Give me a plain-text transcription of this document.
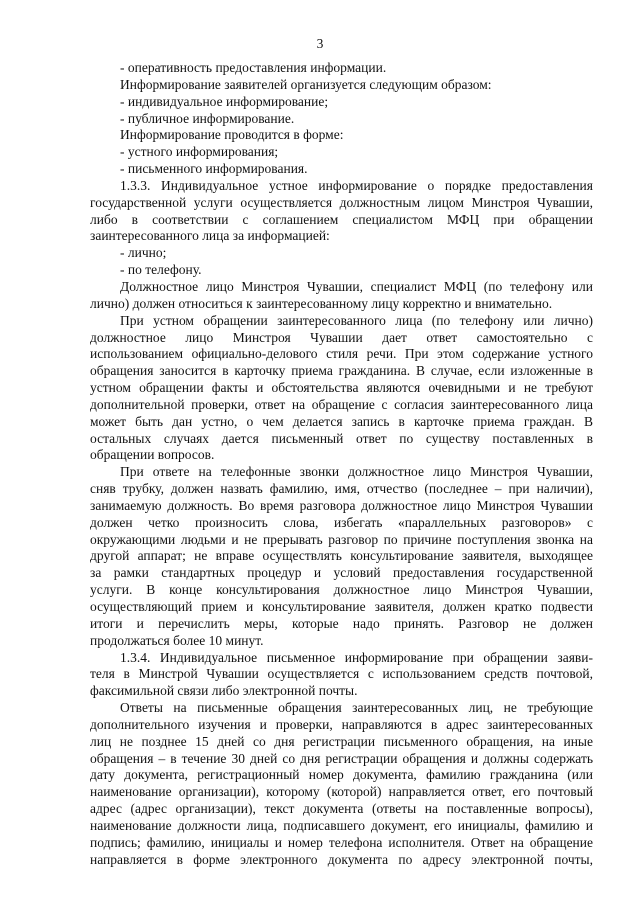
3
- оперативность предоставления информации.
Информирование заявителей организуется следующим образом:
- индивидуальное информирование;
- публичное информирование.
Информирование проводится в форме:
- устного информирования;
- письменного информирования.
1.3.3. Индивидуальное устное информирование о порядке предоставления
государственной услуги осуществляется должностным лицом Минстроя Чувашии,
либо в соответствии с соглашением специалистом МФЦ при обращении
заинтересованного лица за информацией:
- лично;
- по телефону.
Должностное лицо Минстроя Чувашии, специалист МФЦ (по телефону или
лично) должен относиться к заинтересованному лицу корректно и внимательно.
При устном обращении заинтересованного лица (по телефону или лично)
должностное лицо Минстроя Чувашии дает ответ самостоятельно с
использованием официально-делового стиля речи. При этом содержание устного
обращения заносится в карточку приема гражданина. В случае, если изложенные в
устном обращении факты и обстоятельства являются очевидными и не требуют
дополнительной проверки, ответ на обращение с согласия заинтересованного лица
может быть дан устно, о чем делается запись в карточке приема граждан. В
остальных случаях дается письменный ответ по существу поставленных в
обращении вопросов.
При ответе на телефонные звонки должностное лицо Минстроя Чувашии,
сняв трубку, должен назвать фамилию, имя, отчество (последнее – при наличии),
занимаемую должность. Во время разговора должностное лицо Минстроя Чувашии
должен четко произносить слова, избегать «параллельных разговоров» с
окружающими людьми и не прерывать разговор по причине поступления звонка на
другой аппарат; не вправе осуществлять консультирование заявителя, выходящее
за рамки стандартных процедур и условий предоставления государственной
услуги. В конце консультирования должностное лицо Минстроя Чувашии,
осуществляющий прием и консультирование заявителя, должен кратко подвести
итоги и перечислить меры, которые надо принять. Разговор не должен
продолжаться более 10 минут.
1.3.4. Индивидуальное письменное информирование при обращении заяви-
теля в Минстрой Чувашии осуществляется с использованием средств почтовой,
факсимильной связи либо электронной почты.
Ответы на письменные обращения заинтересованных лиц, не требующие
дополнительного изучения и проверки, направляются в адрес заинтересованных
лиц не позднее 15 дней со дня регистрации письменного обращения, на иные
обращения – в течение 30 дней со дня регистрации обращения и должны содержать
дату документа, регистрационный номер документа, фамилию гражданина (или
наименование организации), которому (которой) направляется ответ, его почтовый
адрес (адрес организации), текст документа (ответы на поставленные вопросы),
наименование должности лица, подписавшего документ, его инициалы, фамилию и
подпись; фамилию, инициалы и номер телефона исполнителя. Ответ на обращение
направляется в форме электронного документа по адресу электронной почты,
